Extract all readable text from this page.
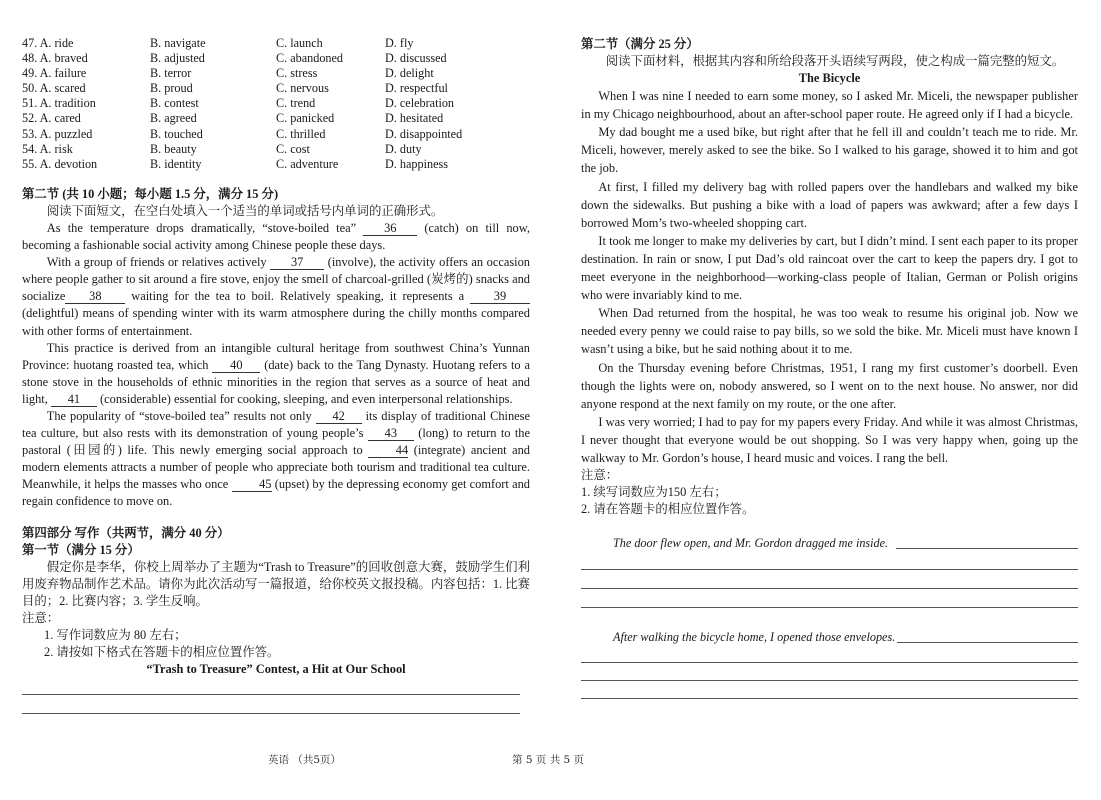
47. A. ride	B. navigate	C. launch	D. fly
48. A. braved	B. adjusted	C. abandoned	D. discussed
49. A. failure	B. terror	C. stress	D. delight
50. A. scared	B. proud	C. nervous	D. respectful
51. A. tradition	B. contest	C. trend	D. celebration
52. A. cared	B. agreed	C. panicked	D. hesitated
53. A. puzzled	B. touched	C. thrilled	D. disappointed
54. A. risk	B. beauty	C. cost	D. duty
55. A. devotion	B. identity	C. adventure	D. happiness
第二节 (共 10 小题；每小题 1.5 分，满分 15 分)

阅读下面短文，在空白处填入一个适当的单词或括号内单词的正确形式。

As the temperature drops dramatically, “stove-boiled tea” 36 (catch) on till now, becoming a fashionable social activity among Chinese people these days.

With a group of friends or relatives actively 37 (involve), the activity offers an occasion where people gather to sit around a fire stove, enjoy the smell of charcoal-grilled (炭烤的) snacks and socialize 38 waiting for the tea to boil. Relatively speaking, it represents a 39 (delightful) means of spending winter with its warm atmosphere during the chilly months compared with other forms of entertainment.

This practice is derived from an intangible cultural heritage from southwest China’s Yunnan Province: huotang roasted tea, which 40 (date) back to the Tang Dynasty. Huotang refers to a stone stove in the households of ethnic minorities in the region that serves as a source of heat and light, 41 (considerable) essential for cooking, sleeping, and even interpersonal relationships.

The popularity of “stove-boiled tea” results not only 42 its display of traditional Chinese tea culture, but also rests with its demonstration of young people’s 43 (long) to return to the pastoral (田园的) life. This newly emerging social approach to 44 (integrate) ancient and modern elements attracts a number of people who appreciate both tourism and traditional tea culture. Meanwhile, it helps the masses who once 45 (upset) by the depressing economy get comfort and regain confidence to move on.

第四部分 写作（共两节，满分 40 分）
第一节（满分 15 分）

假定你是李华，你校上周举办了主题为“Trash to Treasure”的回收创意大赛，鼓励学生们利用废弃物品制作艺术品。请你为此次活动写一篇报道，给你校英文报投稿。内容包括：1. 比赛目的；2. 比赛内容；3. 学生反响。

注意：
1. 写作词数应为 80 左右；
2. 请按如下格式在答题卡的相应位置作答。
“Trash to Treasure” Contest, a Hit at Our School
第二节（满分 25 分）

阅读下面材料，根据其内容和所给段落开头语续写两段，使之构成一篇完整的短文。

The Bicycle

When I was nine I needed to earn some money, so I asked Mr. Miceli, the newspaper publisher in my Chicago neighbourhood, about an after-school paper route. He agreed only if I had a bicycle.

My dad bought me a used bike, but right after that he fell ill and couldn’t teach me to ride. Mr. Miceli, however, merely asked to see the bike. So I walked to his garage, showed it to him and got the job.

At first, I filled my delivery bag with rolled papers over the handlebars and walked my bike down the sidewalks. But pushing a bike with a load of papers was awkward; after a few days I borrowed Mom’s two-wheeled shopping cart.

It took me longer to make my deliveries by cart, but I didn’t mind. I sent each paper to its proper destination. In rain or snow, I put Dad’s old raincoat over the cart to keep the papers dry. I got to meet everyone in the neighborhood—working-class people of Italian, German or Polish origins who were invariably kind to me.

When Dad returned from the hospital, he was too weak to resume his original job. Now we needed every penny we could raise to pay bills, so we sold the bike. Mr. Miceli must have known I wasn’t using a bike, but he said nothing about it to me.

On the Thursday evening before Christmas, 1951, I rang my first customer’s doorbell. Even though the lights were on, nobody answered, so I went on to the next house. No answer, nor did anyone respond at the next family on my route, or the one after.

I was very worried; I had to pay for my papers every Friday. And while it was almost Christmas, I never thought that everyone would be out shopping. So I was very happy when, going up the walkway to Mr. Gordon’s house, I heard music and voices. I rang the bell.

注意：
1. 续写词数应为150 左右；
2. 请在答题卡的相应位置作答。
The door flew open, and Mr. Gordon dragged me inside.
After walking the bicycle home, I opened those envelopes.
英语 （共5页）	第 5 页 共 5 页
